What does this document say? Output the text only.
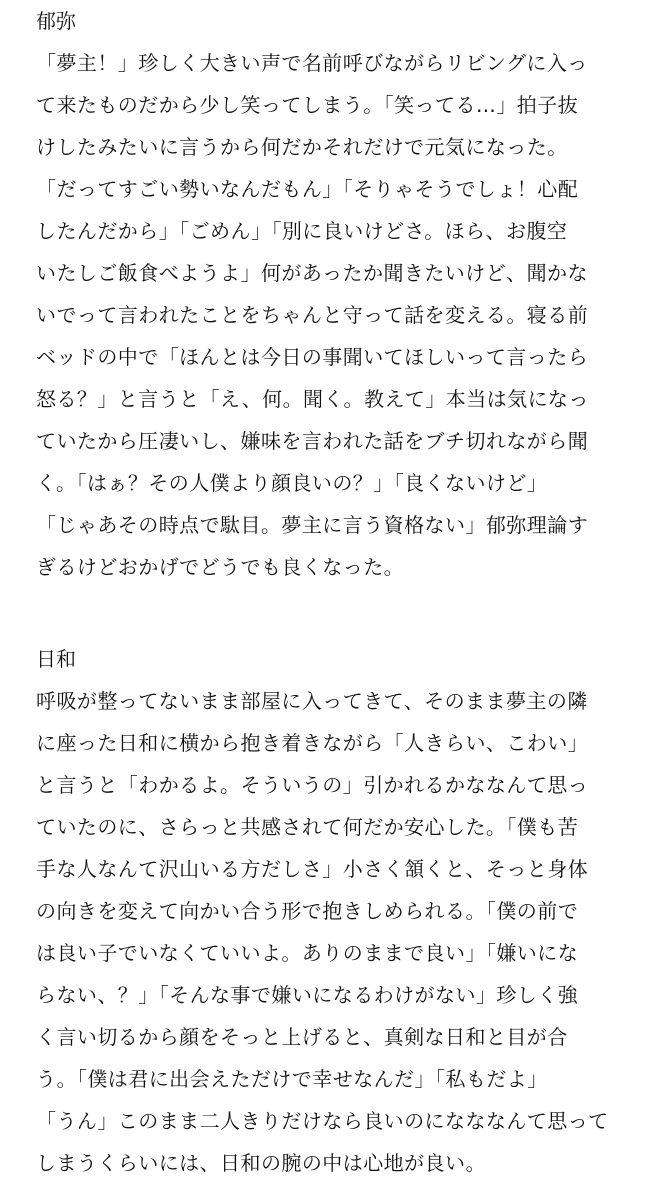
郁弥
「夢主！」珍しく大きい声で名前呼びながらリビングに入っ
て来たものだから少し笑ってしまう。「笑ってる…」拍子抜
けしたみたいに言うから何だかそれだけで元気になった。
「だってすごい勢いなんだもん」「そりゃそうでしょ！心配
したんだから」「ごめん」「別に良いけどさ。ほら、お腹空
いたしご飯食べようよ」何があったか聞きたいけど、聞かな
いでって言われたことをちゃんと守って話を変える。寝る前
ベッドの中で「ほんとは今日の事聞いてほしいって言ったら
怒る？」と言うと「え、何。聞く。教えて」本当は気になっ
ていたから圧凄いし、嫌味を言われた話をブチ切れながら聞
く。「はぁ？その人僕より顔良いの？」「良くないけど」
「じゃあその時点で駄目。夢主に言う資格ない」郁弥理論す
ぎるけどおかげでどうでも良くなった。
日和
呼吸が整ってないまま部屋に入ってきて、そのまま夢主の隣
に座った日和に横から抱き着きながら「人きらい、こわい」
と言うと「わかるよ。そういうの」引かれるかななんて思っ
ていたのに、さらっと共感されて何だか安心した。「僕も苦
手な人なんて沢山いる方だしさ」小さく頷くと、そっと身体
の向きを変えて向かい合う形で抱きしめられる。「僕の前で
は良い子でいなくていいよ。ありのままで良い」「嫌いにな
らない、？」「そんな事で嫌いになるわけがない」珍しく強
く言い切るから顔をそっと上げると、真剣な日和と目が合
う。「僕は君に出会えただけで幸せなんだ」「私もだよ」
「うん」このまま二人きりだけなら良いのになななんて思って
しまうくらいには、日和の腕の中は心地が良い。
